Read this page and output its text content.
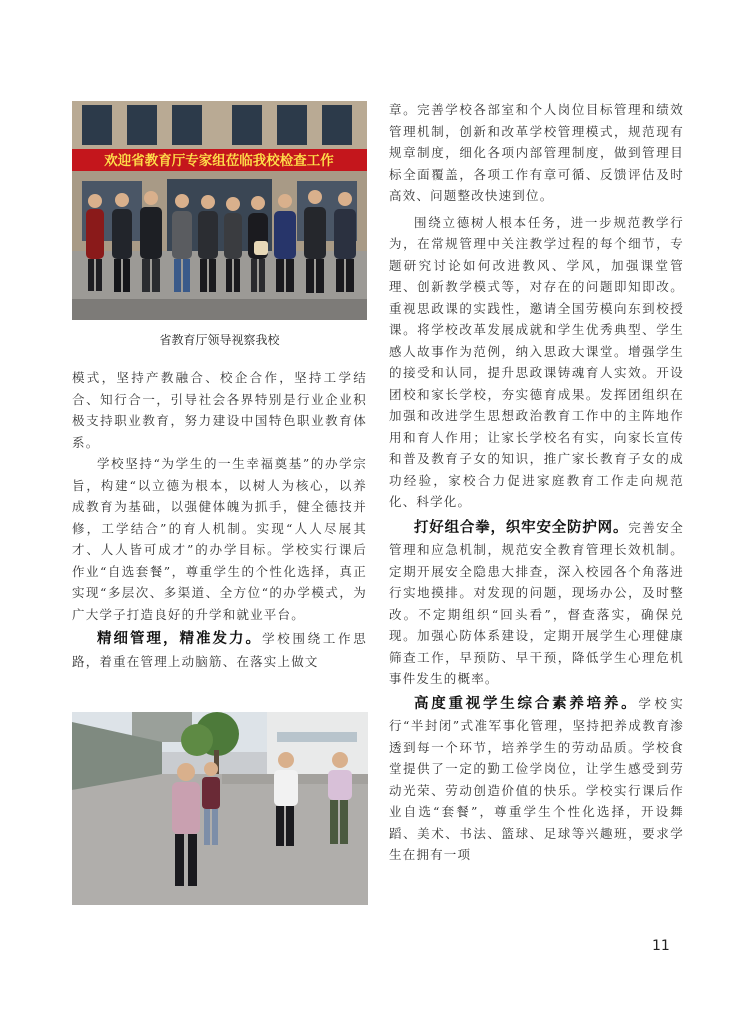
欢迎省教育厅专家组莅临我校检查工作
省教育厅领导视察我校

模式，坚持产教融合、校企合作，坚持工学结合、知行合一，引导社会各界特别是行业企业积极支持职业教育，努力建设中国特色职业教育体系。

学校坚持“为学生的一生幸福奠基”的办学宗旨，构建“以立德为根本，以树人为核心，以养成教育为基础，以强健体魄为抓手，健全德技并修，工学结合”的育人机制。实现“人人尽展其才、人人皆可成才”的办学目标。学校实行课后作业“自选套餐”，尊重学生的个性化选择，真正实现“多层次、多渠道、全方位“的办学模式，为广大学子打造良好的升学和就业平台。

精细管理，精准发力。学校围绕工作思路，着重在管理上动脑筋、在落实上做文

章。完善学校各部室和个人岗位目标管理和绩效管理机制，创新和改革学校管理模式，规范现有规章制度，细化各项内部管理制度，做到管理目标全面覆盖，各项工作有章可循、反馈评估及时高效、问题整改快速到位。

围绕立德树人根本任务，进一步规范教学行为，在常规管理中关注教学过程的每个细节，专题研究讨论如何改进教风、学风，加强课堂管理、创新教学模式等，对存在的问题即知即改。重视思政课的实践性，邀请全国劳模向东到校授课。将学校改革发展成就和学生优秀典型、学生感人故事作为范例，纳入思政大课堂。增强学生的接受和认同，提升思政课铸魂育人实效。开设团校和家长学校，夯实德育成果。发挥团组织在加强和改进学生思想政治教育工作中的主阵地作用和育人作用；让家长学校名有实，向家长宣传和普及教育子女的知识，推广家长教育子女的成功经验，家校合力促进家庭教育工作走向规范化、科学化。

打好组合拳，织牢安全防护网。完善安全管理和应急机制，规范安全教育管理长效机制。定期开展安全隐患大排查，深入校园各个角落进行实地摸排。对发现的问题，现场办公，及时整改。不定期组织“回头看”，督查落实，确保兑现。加强心防体系建设，定期开展学生心理健康筛查工作，早预防、早干预，降低学生心理危机事件发生的概率。

高度重视学生综合素养培养。学校实行“半封闭”式准军事化管理，坚持把养成教育渗透到每一个环节，培养学生的劳动品质。学校食堂提供了一定的勤工俭学岗位，让学生感受到劳动光荣、劳动创造价值的快乐。学校实行课后作业自选“套餐”，尊重学生个性化选择，开设舞蹈、美术、书法、篮球、足球等兴趣班，要求学生在拥有一项

11
